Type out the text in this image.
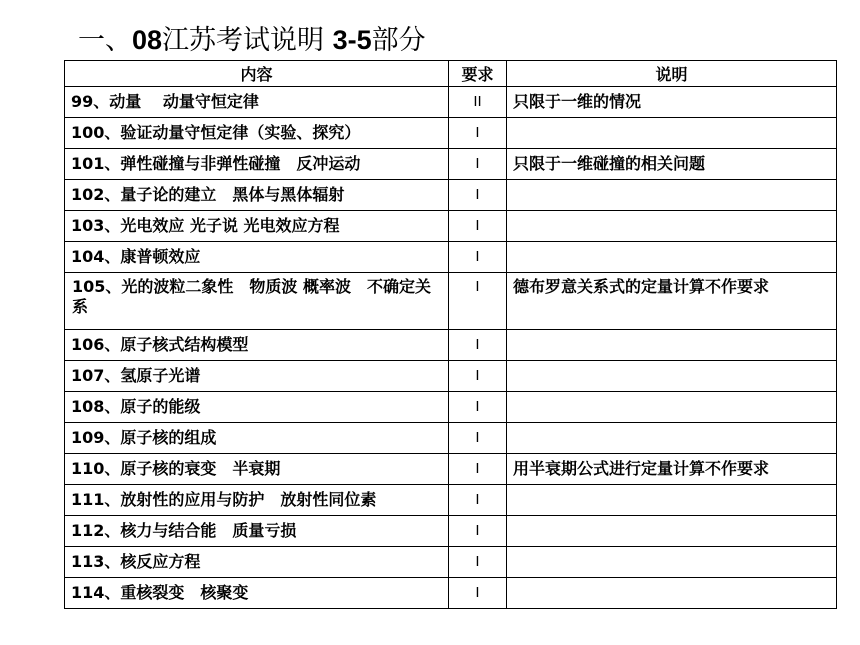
一、08江苏考试说明 3-5部分
内容	要求	说明
99、动量　 动量守恒定律	II	只限于一维的情况
100、验证动量守恒定律（实验、探究）	I	
101、弹性碰撞与非弹性碰撞　反冲运动	I	只限于一维碰撞的相关问题
102、量子论的建立　黑体与黑体辐射	I	
103、光电效应 光子说 光电效应方程	I	
104、康普顿效应	I	
105、光的波粒二象性　物质波 概率波　不确定关系	I	德布罗意关系式的定量计算不作要求
106、原子核式结构模型	I	
107、氢原子光谱	I	
108、原子的能级	I	
109、原子核的组成	I	
110、原子核的衰变　半衰期	I	用半衰期公式进行定量计算不作要求
111、放射性的应用与防护　放射性同位素	I	
112、核力与结合能　质量亏损	I	
113、核反应方程	I	
114、重核裂变　核聚变	I	
